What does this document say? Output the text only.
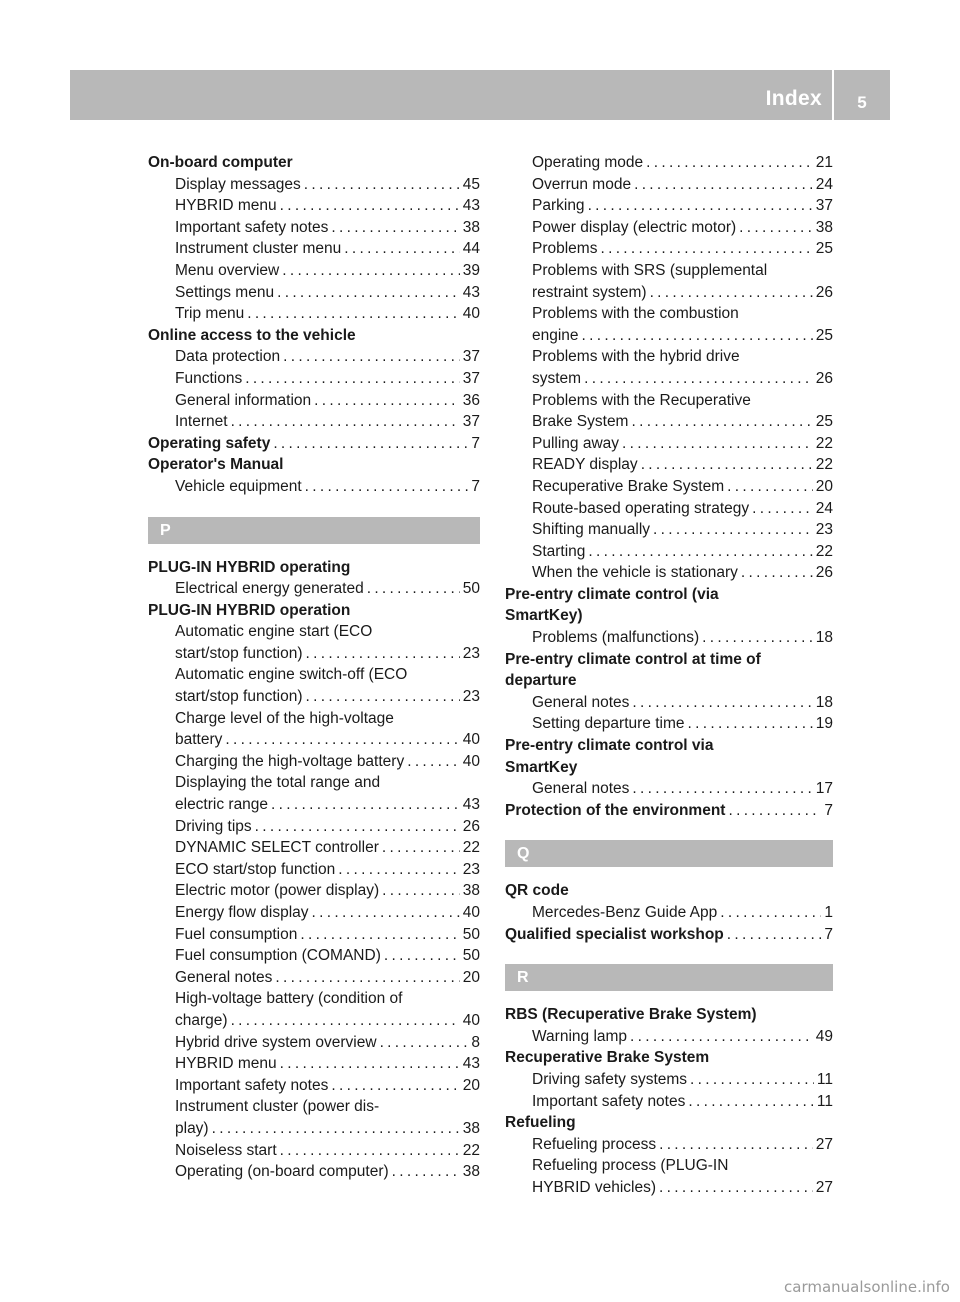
Index	5
On-board computer
Display messages . . .	45
HYBRID menu . . .	43
Important safety notes . . .	38
Instrument cluster menu . . .	44
Menu overview . . .	39
Settings menu . . .	43
Trip menu . . .	40
Online access to the vehicle
Data protection . . .	37
Functions . . .	37
General information . . .	36
Internet . . .	37
Operating safety . . .	7
Operator's Manual
Vehicle equipment . . .	7
P
PLUG-IN HYBRID operating
Electrical energy generated . . .	50
PLUG-IN HYBRID operation
Automatic engine start (ECO
start/stop function) . . .	23
Automatic engine switch-off (ECO
start/stop function) . . .	23
Charge level of the high-voltage
battery . . .	40
Charging the high-voltage battery . . .	40
Displaying the total range and
electric range . . .	43
Driving tips . . .	26
DYNAMIC SELECT controller . . .	22
ECO start/stop function . . .	23
Electric motor (power display) . . .	38
Energy flow display . . .	40
Fuel consumption . . .	50
Fuel consumption (COMAND) . . .	50
General notes . . .	20
High-voltage battery (condition of
charge) . . .	40
Hybrid drive system overview . . .	8
HYBRID menu . . .	43
Important safety notes . . .	20
Instrument cluster (power dis-
play) . . .	38
Noiseless start . . .	22
Operating (on-board computer) . . .	38
Operating mode . . .	21
Overrun mode . . .	24
Parking . . .	37
Power display (electric motor) . . .	38
Problems . . .	25
Problems with SRS (supplemental
restraint system) . . .	26
Problems with the combustion
engine . . .	25
Problems with the hybrid drive
system . . .	26
Problems with the Recuperative
Brake System . . .	25
Pulling away . . .	22
READY display . . .	22
Recuperative Brake System . . .	20
Route-based operating strategy . . .	24
Shifting manually . . .	23
Starting . . .	22
When the vehicle is stationary . . .	26
Pre-entry climate control (via
SmartKey)
Problems (malfunctions) . . .	18
Pre-entry climate control at time of
departure
General notes . . .	18
Setting departure time . . .	19
Pre-entry climate control via
SmartKey
General notes . . .	17
Protection of the environment . . .	7
Q
QR code
Mercedes-Benz Guide App . . .	1
Qualified specialist workshop . . .	7
R
RBS (Recuperative Brake System)
Warning lamp . . .	49
Recuperative Brake System
Driving safety systems . . .	11
Important safety notes . . .	11
Refueling
Refueling process . . .	27
Refueling process (PLUG-IN
HYBRID vehicles) . . .	27
carmanualsonline.info
